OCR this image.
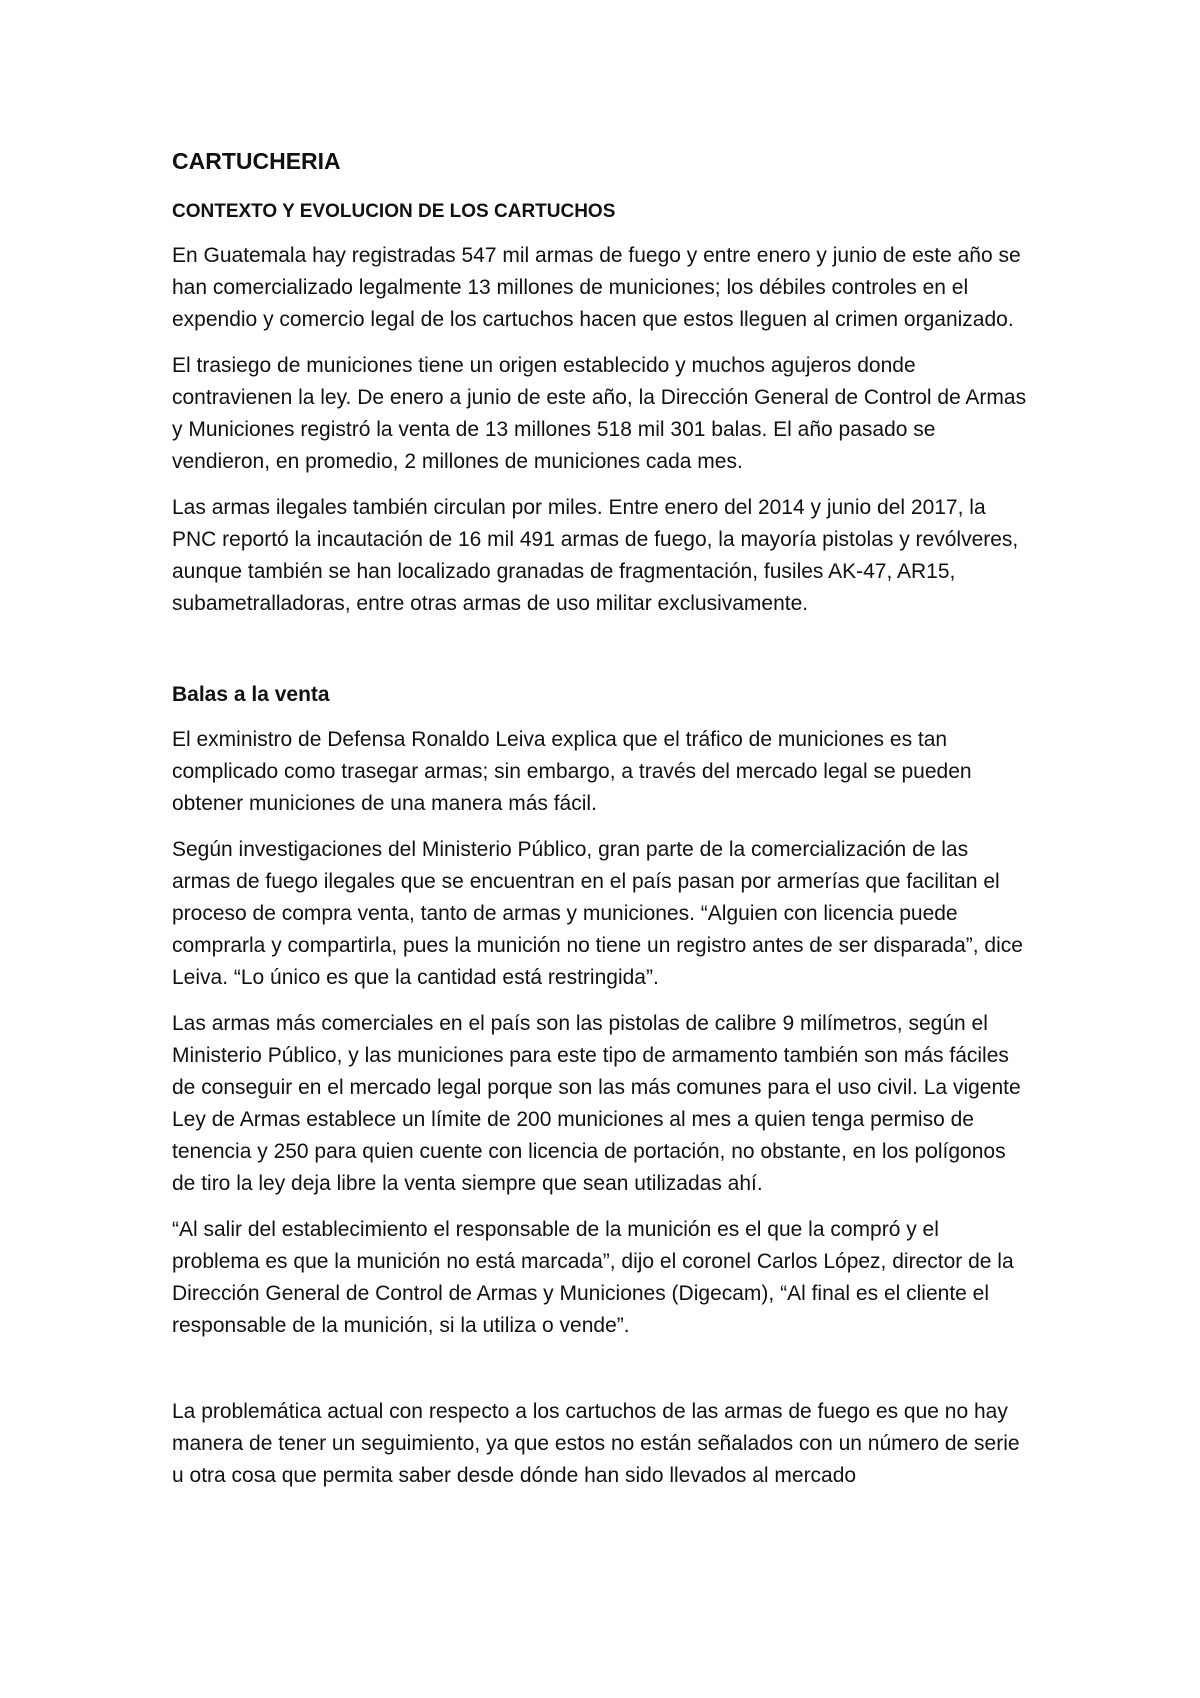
CARTUCHERIA
CONTEXTO Y EVOLUCION DE LOS CARTUCHOS

En Guatemala hay registradas 547 mil armas de fuego y entre enero y junio de este año se han comercializado legalmente 13 millones de municiones; los débiles controles en el expendio y comercio legal de los cartuchos hacen que estos lleguen al crimen organizado.

El trasiego de municiones tiene un origen establecido y muchos agujeros donde contravienen la ley. De enero a junio de este año, la Dirección General de Control de Armas y Municiones registró la venta de 13 millones 518 mil 301 balas. El año pasado se vendieron, en promedio, 2 millones de municiones cada mes.

Las armas ilegales también circulan por miles. Entre enero del 2014 y junio del 2017, la PNC reportó la incautación de 16 mil 491 armas de fuego, la mayoría pistolas y revólveres, aunque también se han localizado granadas de fragmentación, fusiles AK-47, AR15, subametralladoras, entre otras armas de uso militar exclusivamente.

Balas a la venta

El exministro de Defensa Ronaldo Leiva explica que el tráfico de municiones es tan complicado como trasegar armas; sin embargo, a través del mercado legal se pueden obtener municiones de una manera más fácil.

Según investigaciones del Ministerio Público, gran parte de la comercialización de las armas de fuego ilegales que se encuentran en el país pasan por armerías que facilitan el proceso de compra venta, tanto de armas y municiones. “Alguien con licencia puede comprarla y compartirla, pues la munición no tiene un registro antes de ser disparada”, dice Leiva. “Lo único es que la cantidad está restringida”.

Las armas más comerciales en el país son las pistolas de calibre 9 milímetros, según el Ministerio Público, y las municiones para este tipo de armamento también son más fáciles de conseguir en el mercado legal porque son las más comunes para el uso civil. La vigente Ley de Armas establece un límite de 200 municiones al mes a quien tenga permiso de tenencia y 250 para quien cuente con licencia de portación, no obstante, en los polígonos de tiro la ley deja libre la venta siempre que sean utilizadas ahí.

“Al salir del establecimiento el responsable de la munición es el que la compró y el problema es que la munición no está marcada”, dijo el coronel Carlos López, director de la Dirección General de Control de Armas y Municiones (Digecam), “Al final es el cliente el responsable de la munición, si la utiliza o vende”.

La problemática actual con respecto a los cartuchos de las armas de fuego es que no hay manera de tener un seguimiento, ya que estos no están señalados con un número de serie u otra cosa que permita saber desde dónde han sido llevados al mercado
